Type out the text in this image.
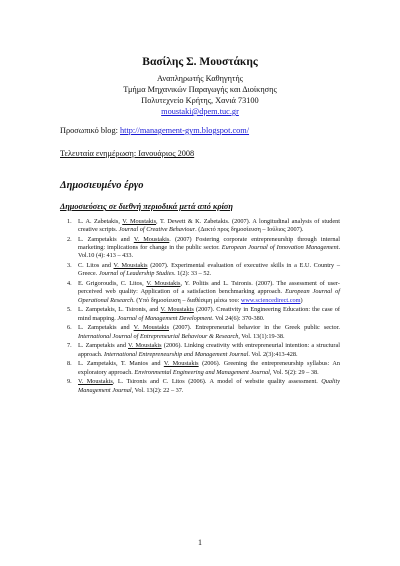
Βασίλης Σ. Μουστάκης
Αναπληρωτής Καθηγητής
Τμήμα Μηχανικών Παραγωγής και Διοίκησης
Πολυτεχνείο Κρήτης, Χανιά 73100
moustaki@dpem.tuc.gr
Προσωπικό blog: http://management-gym.blogspot.com/
Τελευταία ενημέρωση: Ιανουάριος 2008
Δημοσιευμένο έργο
Δημοσιεύσεις σε διεθνή περιοδικά μετά από κρίση
1. L. A. Zabetakis, V. Moustakis, T. Dewett & K. Zabetakis. (2007). A longitudinal analysis of student creative scripts. Journal of Creative Behaviour. (Δεκτό προς δημοσίευση – Ιούλιος 2007).
2. L. Zampetakis and V. Moustakis. (2007) Fostering corporate entrepreneurship through internal marketing: implications for change in the public sector. European Journal of Innovation Management. Vol.10 (4): 413 – 433.
3. C. Litos and V. Moustakis (2007). Experimental evaluation of executive skills in a E.U. Country – Greece. Journal of Leadership Studies. 1(2): 33 – 52.
4. E. Grigoroudis, C. Litos, V. Moustakis, Y. Politis and L. Tsironis. (2007). The assessment of user-perceived web quality: Application of a satisfaction benchmarking approach. European Journal of Operational Research. (Υπό δημοσίευση – διαθέσιμη μέσω του: www.sciencedirect.com)
5. L. Zampetakis, L. Tsironis, and V. Moustakis (2007). Creativity in Engineering Education: the case of mind mapping. Journal of Management Development. Vol 24(6): 370-380.
6. L. Zampetakis and V. Moustakis (2007). Entrepreneurial behavior in the Greek public sector. International Journal of Entrepreneurial Behaviour & Research, Vol. 13(1):19-38.
7. L. Zampetakis and V. Moustakis (2006). Linking creativity with entrepreneurial intention: a structural approach. International Entrepreneurship and Management Journal. Vol. 2(3):413-428.
8. L. Zampetakis, T. Manios and V. Moustakis (2006). Greening the entrepreneurship syllabus: An exploratory approach. Environmental Engineering and Management Journal, Vol. 5(2): 29 – 38.
9. V. Moustakis, L. Tsironis and C. Litos (2006). A model of website quality assessment. Quality Management Journal, Vol. 13(2): 22 – 37.
1
